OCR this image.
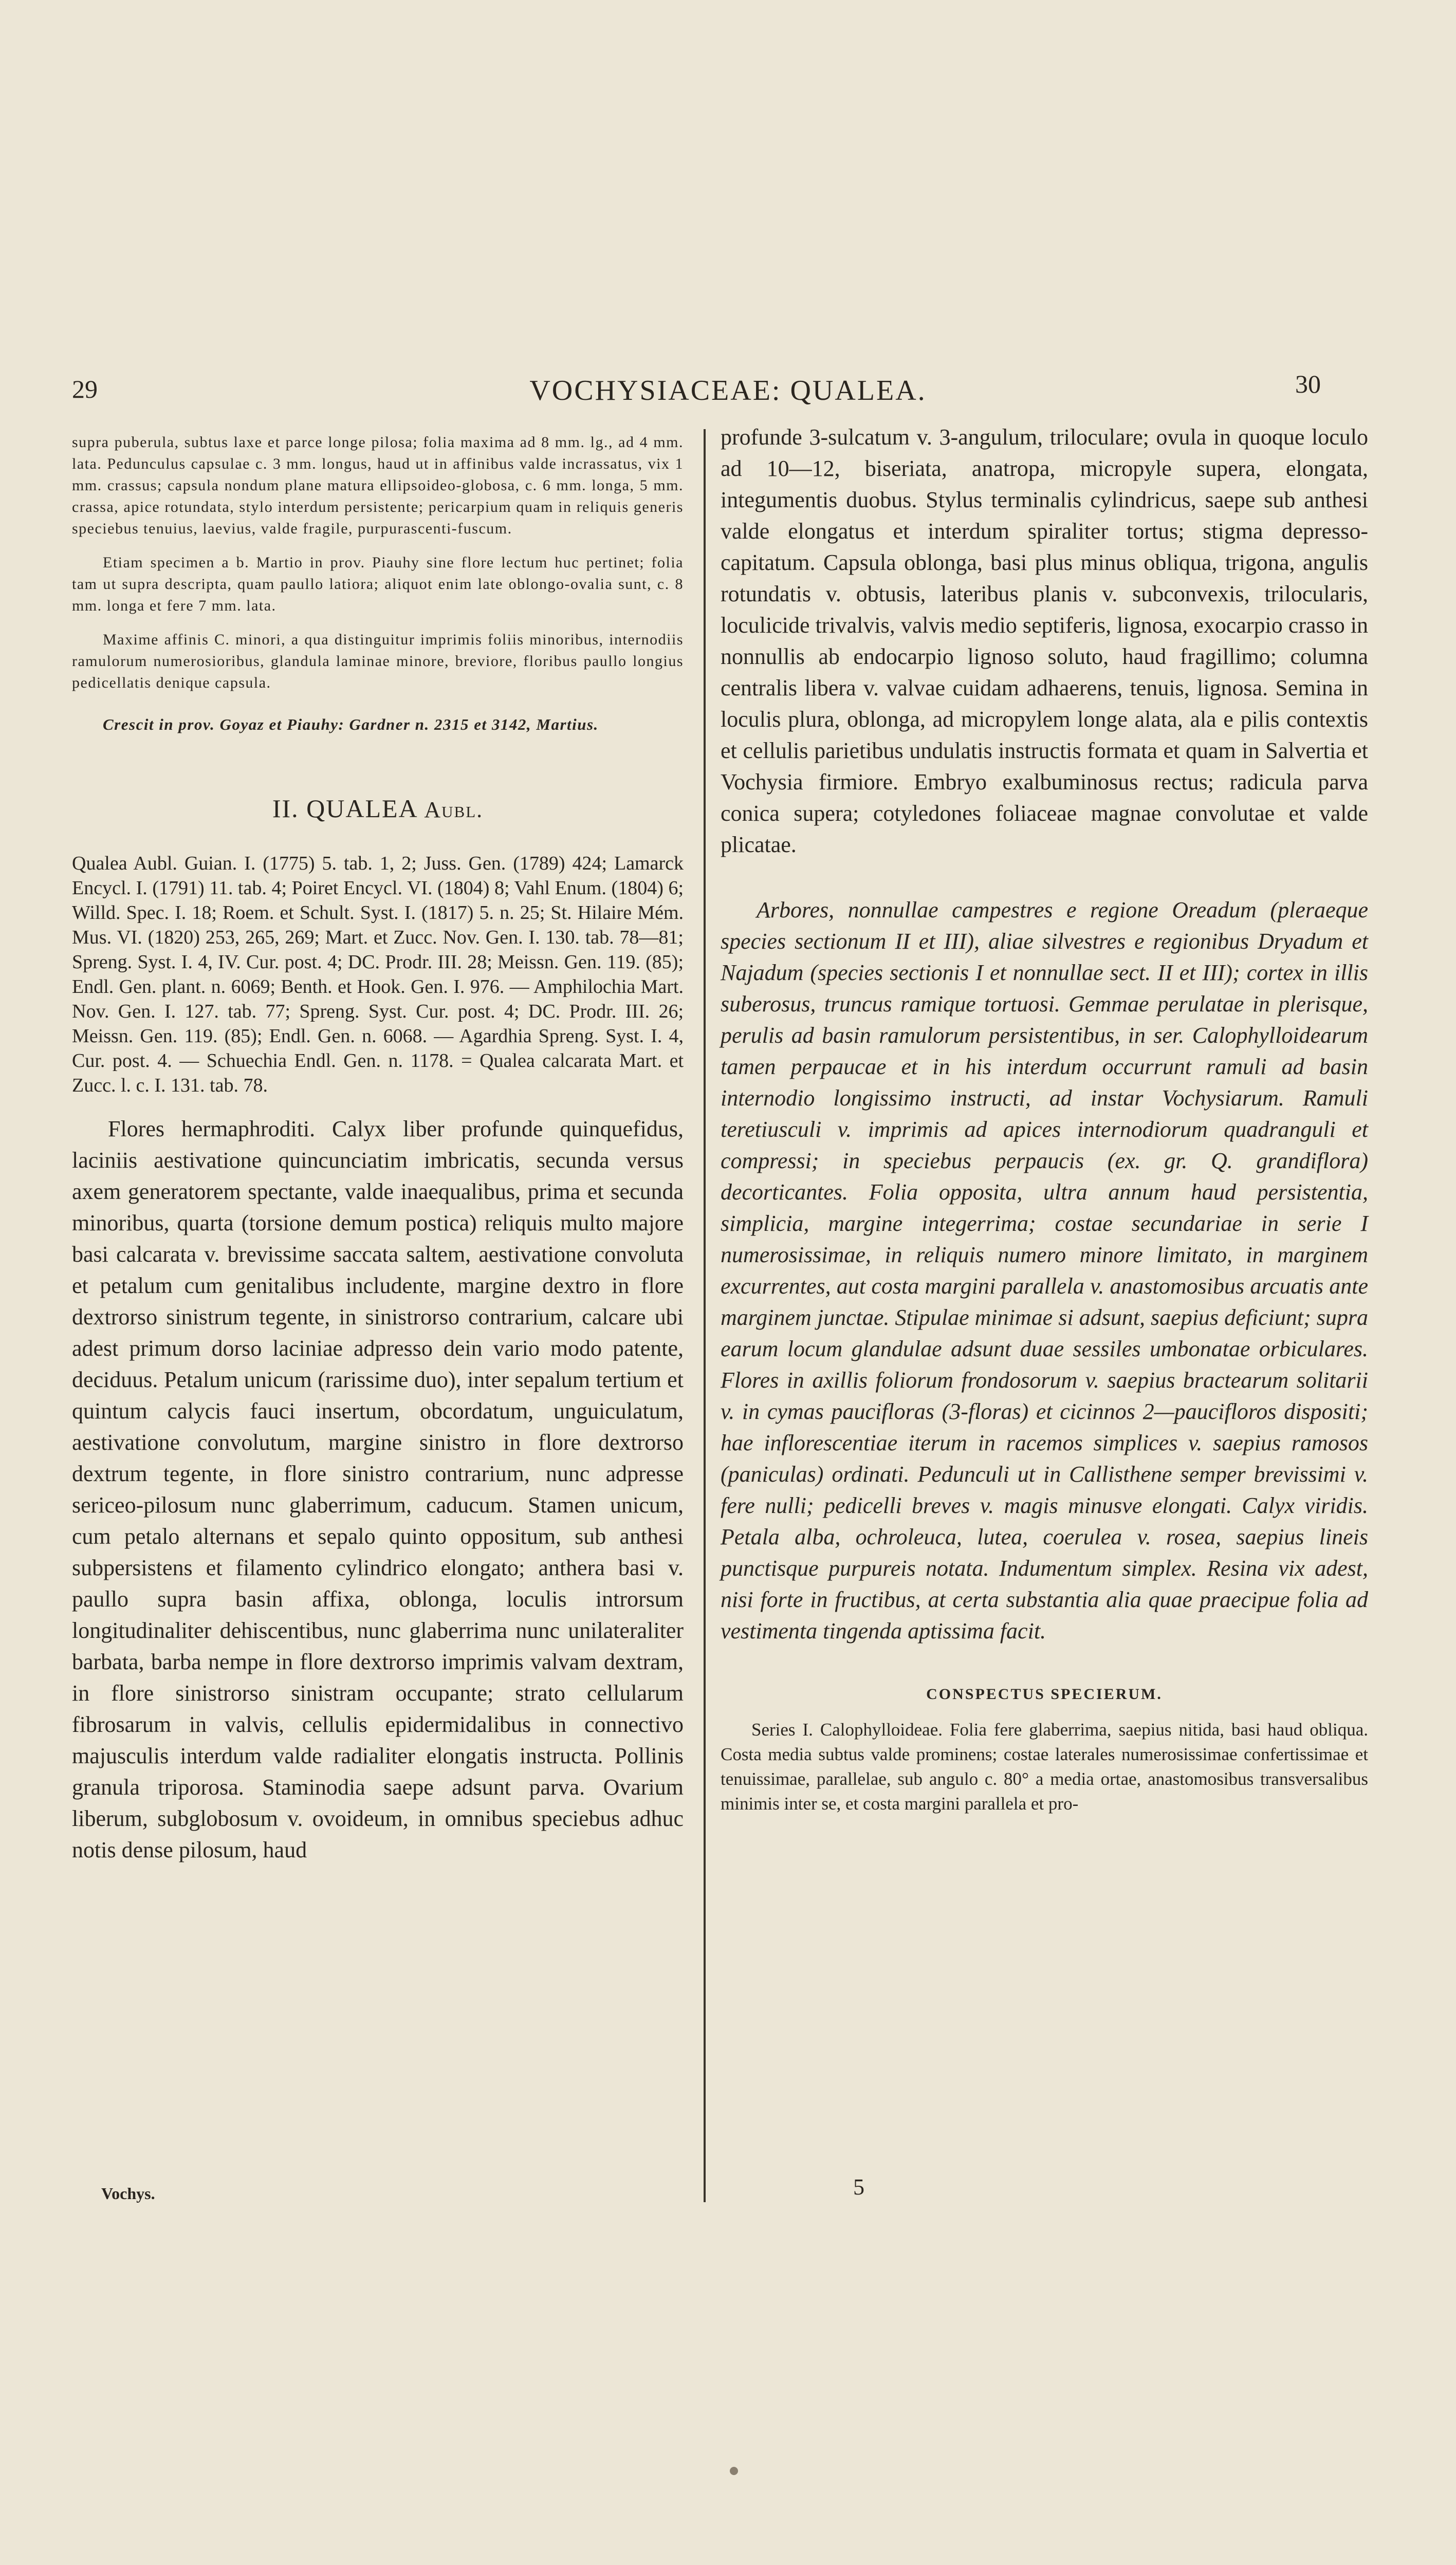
29	VOCHYSIACEAE: QUALEA.	30

supra puberula, subtus laxe et parce longe pilosa; folia maxima ad 8 mm. lg., ad 4 mm. lata. Pedunculus capsulae c. 3 mm. longus, haud ut in affinibus valde incrassatus, vix 1 mm. crassus; capsula nondum plane matura ellipsoideo-globosa, c. 6 mm. longa, 5 mm. crassa, apice rotundata, stylo interdum persistente; pericarpium quam in reliquis generis speciebus tenuius, laevius, valde fragile, purpurascenti-fuscum.

Etiam specimen a b. Martio in prov. Piauhy sine flore lectum huc pertinet; folia tam ut supra descripta, quam paullo latiora; aliquot enim late oblongo-ovalia sunt, c. 8 mm. longa et fere 7 mm. lata.

Maxime affinis C. minori, a qua distinguitur imprimis foliis minoribus, internodiis ramulorum numerosioribus, glandula laminae minore, breviore, floribus paullo longius pedicellatis denique capsula.

Crescit in prov. Goyaz et Piauhy: Gardner n. 2315 et 3142, Martius.

II. QUALEA Aubl.

Qualea Aubl. Guian. I. (1775) 5. tab. 1, 2; Juss. Gen. (1789) 424; Lamarck Encycl. I. (1791) 11. tab. 4; Poiret Encycl. VI. (1804) 8; Vahl Enum. (1804) 6; Willd. Spec. I. 18; Roem. et Schult. Syst. I. (1817) 5. n. 25; St. Hilaire Mém. Mus. VI. (1820) 253, 265, 269; Mart. et Zucc. Nov. Gen. I. 130. tab. 78—81; Spreng. Syst. I. 4, IV. Cur. post. 4; DC. Prodr. III. 28; Meissn. Gen. 119. (85); Endl. Gen. plant. n. 6069; Benth. et Hook. Gen. I. 976. — Amphilochia Mart. Nov. Gen. I. 127. tab. 77; Spreng. Syst. Cur. post. 4; DC. Prodr. III. 26; Meissn. Gen. 119. (85); Endl. Gen. n. 6068. — Agardhia Spreng. Syst. I. 4, Cur. post. 4. — Schuechia Endl. Gen. n. 1178. = Qualea calcarata Mart. et Zucc. l. c. I. 131. tab. 78.

Flores hermaphroditi. Calyx liber profunde quinquefidus, laciniis aestivatione quincunciatim imbricatis, secunda versus axem generatorem spectante, valde inaequalibus, prima et secunda minoribus, quarta (torsione demum postica) reliquis multo majore basi calcarata v. brevissime saccata saltem, aestivatione convoluta et petalum cum genitalibus includente, margine dextro in flore dextrorso sinistrum tegente, in sinistrorso contrarium, calcare ubi adest primum dorso laciniae adpresso dein vario modo patente, deciduus. Petalum unicum (rarissime duo), inter sepalum tertium et quintum calycis fauci insertum, obcordatum, unguiculatum, aestivatione convolutum, margine sinistro in flore dextrorso dextrum tegente, in flore sinistro contrarium, nunc adpresse sericeo-pilosum nunc glaberrimum, caducum. Stamen unicum, cum petalo alternans et sepalo quinto oppositum, sub anthesi subpersistens et filamento cylindrico elongato; anthera basi v. paullo supra basin affixa, oblonga, loculis introrsum longitudinaliter dehiscentibus, nunc glaberrima nunc unilateraliter barbata, barba nempe in flore dextrorso imprimis valvam dextram, in flore sinistrorso sinistram occupante; strato cellularum fibrosarum in valvis, cellulis epidermidalibus in connectivo majusculis interdum valde radialiter elongatis instructa. Pollinis granula triporosa. Staminodia saepe adsunt parva. Ovarium liberum, subglobosum v. ovoideum, in omnibus speciebus adhuc notis dense pilosum, haud

profunde 3-sulcatum v. 3-angulum, triloculare; ovula in quoque loculo ad 10—12, biseriata, anatropa, micropyle supera, elongata, integumentis duobus. Stylus terminalis cylindricus, saepe sub anthesi valde elongatus et interdum spiraliter tortus; stigma depresso-capitatum. Capsula oblonga, basi plus minus obliqua, trigona, angulis rotundatis v. obtusis, lateribus planis v. subconvexis, trilocularis, loculicide trivalvis, valvis medio septiferis, lignosa, exocarpio crasso in nonnullis ab endocarpio lignoso soluto, haud fragillimo; columna centralis libera v. valvae cuidam adhaerens, tenuis, lignosa. Semina in loculis plura, oblonga, ad micropylem longe alata, ala e pilis contextis et cellulis parietibus undulatis instructis formata et quam in Salvertia et Vochysia firmiore. Embryo exalbuminosus rectus; radicula parva conica supera; cotyledones foliaceae magnae convolutae et valde plicatae.

Arbores, nonnullae campestres e regione Oreadum (pleraeque species sectionum II et III), aliae silvestres e regionibus Dryadum et Najadum (species sectionis I et nonnullae sect. II et III); cortex in illis suberosus, truncus ramique tortuosi. Gemmae perulatae in plerisque, perulis ad basin ramulorum persistentibus, in ser. Calophylloidearum tamen perpaucae et in his interdum occurrunt ramuli ad basin internodio longissimo instructi, ad instar Vochysiarum. Ramuli teretiusculi v. imprimis ad apices internodiorum quadranguli et compressi; in speciebus perpaucis (ex. gr. Q. grandiflora) decorticantes. Folia opposita, ultra annum haud persistentia, simplicia, margine integerrima; costae secundariae in serie I numerosissimae, in reliquis numero minore limitato, in marginem excurrentes, aut costa margini parallela v. anastomosibus arcuatis ante marginem junctae. Stipulae minimae si adsunt, saepius deficiunt; supra earum locum glandulae adsunt duae sessiles umbonatae orbiculares. Flores in axillis foliorum frondosorum v. saepius bractearum solitarii v. in cymas paucifloras (3-floras) et cicinnos 2—paucifloros dispositi; hae inflorescentiae iterum in racemos simplices v. saepius ramosos (paniculas) ordinati. Pedunculi ut in Callisthene semper brevissimi v. fere nulli; pedicelli breves v. magis minusve elongati. Calyx viridis. Petala alba, ochroleuca, lutea, coerulea v. rosea, saepius lineis punctisque purpureis notata. Indumentum simplex. Resina vix adest, nisi forte in fructibus, at certa substantia alia quae praecipue folia ad vestimenta tingenda aptissima facit.

CONSPECTUS SPECIERUM.

Series I. Calophylloideae. Folia fere glaberrima, saepius nitida, basi haud obliqua. Costa media subtus valde prominens; costae laterales numerosissimae confertissimae et tenuissimae, parallelae, sub angulo c. 80° a media ortae, anastomosibus transversalibus minimis inter se, et costa margini parallela et pro-

Vochys.	5
